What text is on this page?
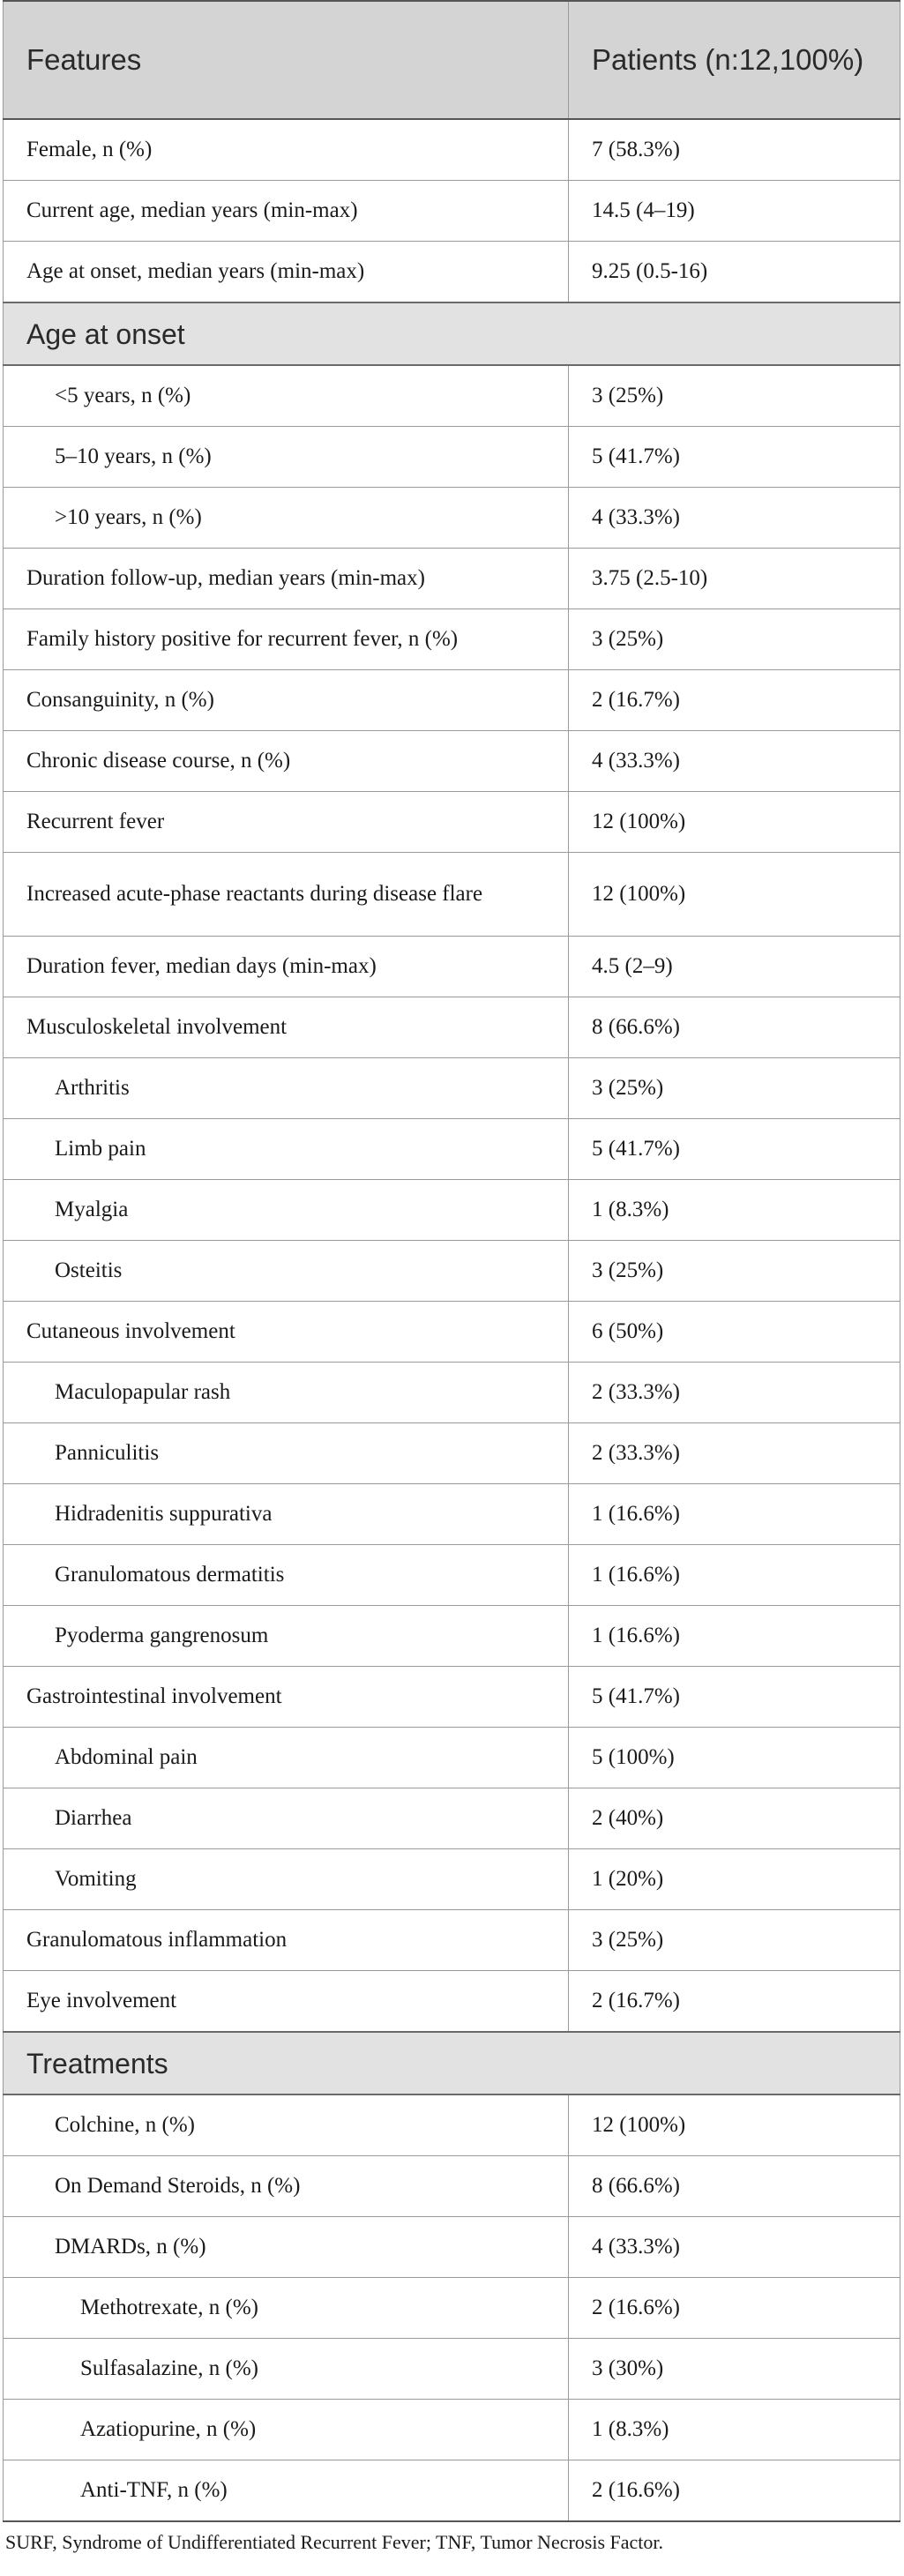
Features	Patients (n:12,100%)
Female, n (%)	7 (58.3%)
Current age, median years (min-max)	14.5 (4–19)
Age at onset, median years (min-max)	9.25 (0.5-16)
Age at onset	
<5 years, n (%)	3 (25%)
5–10 years, n (%)	5 (41.7%)
>10 years, n (%)	4 (33.3%)
Duration follow-up, median years (min-max)	3.75 (2.5-10)
Family history positive for recurrent fever, n (%)	3 (25%)
Consanguinity, n (%)	2 (16.7%)
Chronic disease course, n (%)	4 (33.3%)
Recurrent fever	12 (100%)
Increased acute-phase reactants during disease flare	12 (100%)
Duration fever, median days (min-max)	4.5 (2–9)
Musculoskeletal involvement	8 (66.6%)
Arthritis	3 (25%)
Limb pain	5 (41.7%)
Myalgia	1 (8.3%)
Osteitis	3 (25%)
Cutaneous involvement	6 (50%)
Maculopapular rash	2 (33.3%)
Panniculitis	2 (33.3%)
Hidradenitis suppurativa	1 (16.6%)
Granulomatous dermatitis	1 (16.6%)
Pyoderma gangrenosum	1 (16.6%)
Gastrointestinal involvement	5 (41.7%)
Abdominal pain	5 (100%)
Diarrhea	2 (40%)
Vomiting	1 (20%)
Granulomatous inflammation	3 (25%)
Eye involvement	2 (16.7%)
Treatments	
Colchine, n (%)	12 (100%)
On Demand Steroids, n (%)	8 (66.6%)
DMARDs, n (%)	4 (33.3%)
Methotrexate, n (%)	2 (16.6%)
Sulfasalazine, n (%)	3 (30%)
Azatiopurine, n (%)	1 (8.3%)
Anti-TNF, n (%)	2 (16.6%)
SURF, Syndrome of Undifferentiated Recurrent Fever; TNF, Tumor Necrosis Factor.
